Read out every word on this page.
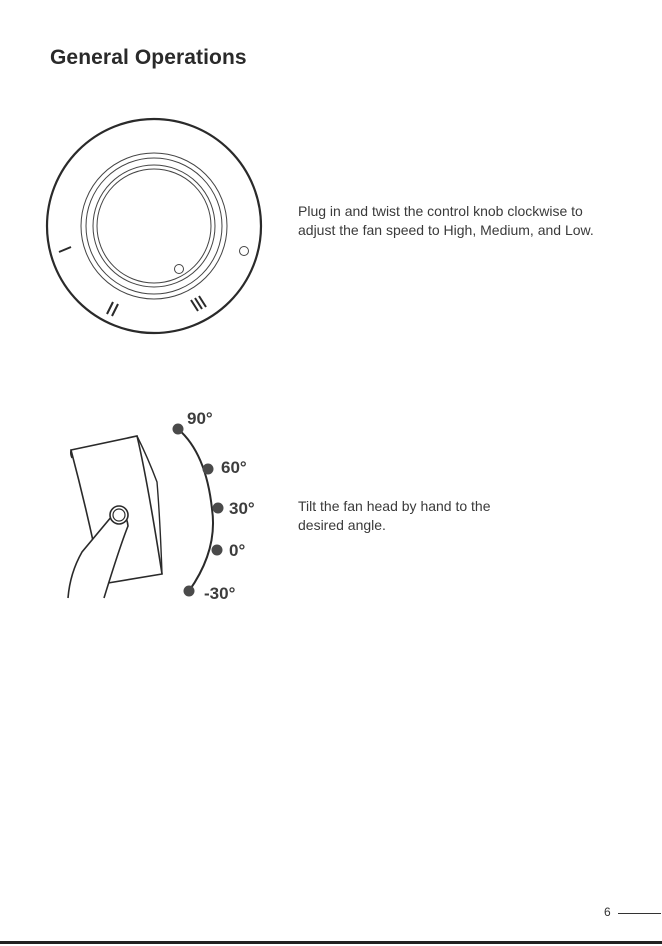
General Operations

Plug in and twist the control knob clockwise to adjust the fan speed to High, Medium, and Low.

90°
60°
30°
0°
-30°

Tilt the fan head by hand to the desired angle.

6
